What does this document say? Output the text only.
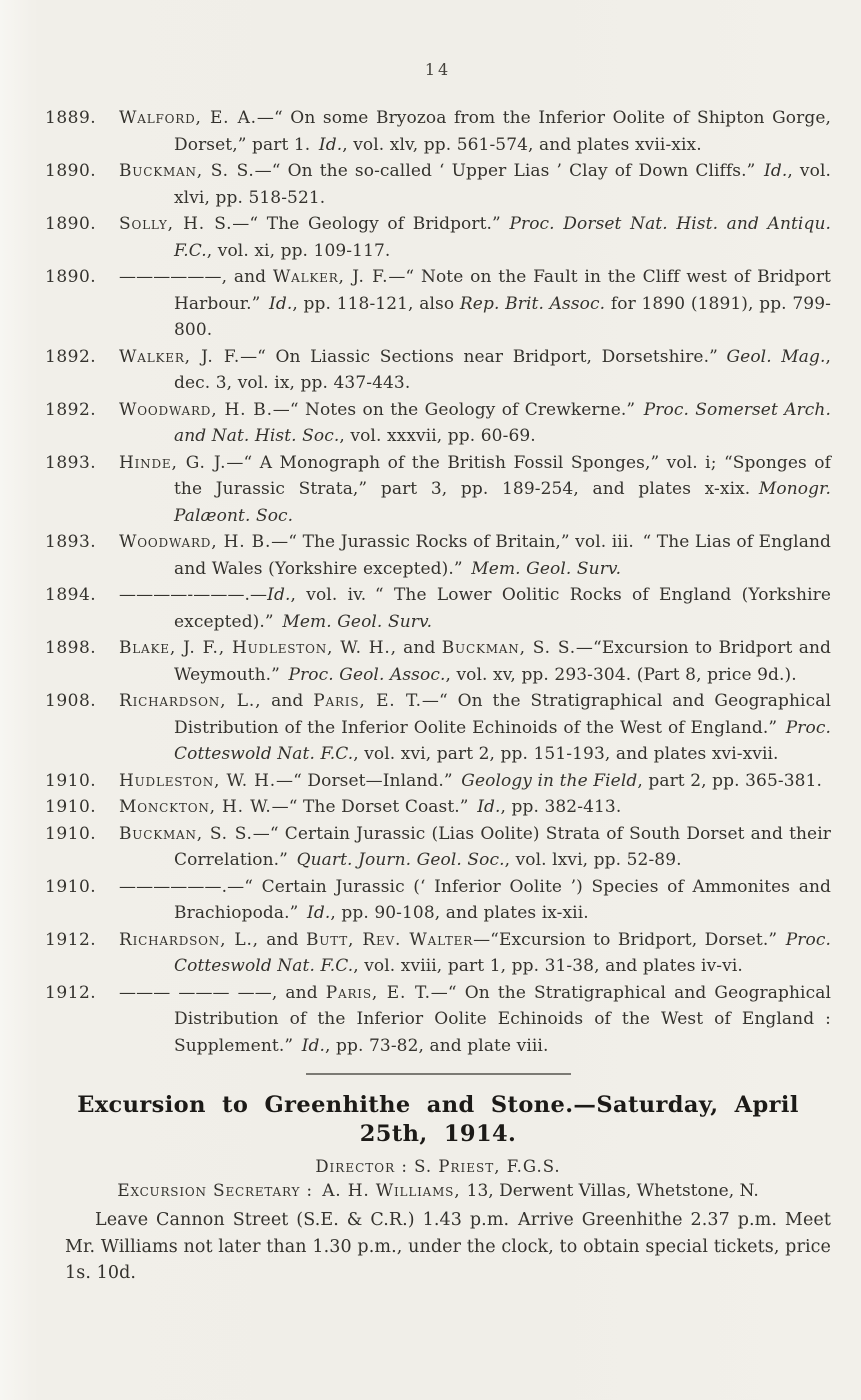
14
1889.	Walford, E. A.—“ On some Bryozoa from the Inferior Oolite of Shipton Gorge, Dorset,” part 1. Id., vol. xlv, pp. 561-574, and plates xvii-xix.
1890.	Buckman, S. S.—“ On the so-called ‘ Upper Lias ’ Clay of Down Cliffs.” Id., vol. xlvi, pp. 518-521.
1890.	Solly, H. S.—“ The Geology of Bridport.” Proc. Dorset Nat. Hist. and Antiqu. F.C., vol. xi, pp. 109-117.
1890.	——————, and Walker, J. F.—“ Note on the Fault in the Cliff west of Bridport Harbour.” Id., pp. 118-121, also Rep. Brit. Assoc. for 1890 (1891), pp. 799-800.
1892.	Walker, J. F.—“ On Liassic Sections near Bridport, Dorsetshire.” Geol. Mag., dec. 3, vol. ix, pp. 437-443.
1892.	Woodward, H. B.—“ Notes on the Geology of Crewkerne.” Proc. Somerset Arch. and Nat. Hist. Soc., vol. xxxvii, pp. 60-69.
1893.	Hinde, G. J.—“ A Monograph of the British Fossil Sponges,” vol. i; “Sponges of the Jurassic Strata,” part 3, pp. 189-254, and plates x-xix. Monogr. Palæont. Soc.
1893.	Woodward, H. B.—“ The Jurassic Rocks of Britain,” vol. iii. “ The Lias of England and Wales (Yorkshire excepted).” Mem. Geol. Surv.
1894.	————-———.—Id., vol. iv. “ The Lower Oolitic Rocks of England (Yorkshire excepted).” Mem. Geol. Surv.
1898.	Blake, J. F., Hudleston, W. H., and Buckman, S. S.—“Excursion to Bridport and Weymouth.” Proc. Geol. Assoc., vol. xv, pp. 293-304. (Part 8, price 9d.).
1908.	Richardson, L., and Paris, E. T.—“ On the Stratigraphical and Geographical Distribution of the Inferior Oolite Echinoids of the West of England.” Proc. Cotteswold Nat. F.C., vol. xvi, part 2, pp. 151-193, and plates xvi-xvii.
1910.	Hudleston, W. H.—“ Dorset—Inland.” Geology in the Field, part 2, pp. 365-381.
1910.	Monckton, H. W.—“ The Dorset Coast.” Id., pp. 382-413.
1910.	Buckman, S. S.—“ Certain Jurassic (Lias Oolite) Strata of South Dorset and their Correlation.” Quart. Journ. Geol. Soc., vol. lxvi, pp. 52-89.
1910.	——————.—“ Certain Jurassic (‘ Inferior Oolite ’) Species of Ammonites and Brachiopoda.” Id., pp. 90-108, and plates ix-xii.
1912.	Richardson, L., and Butt, Rev. Walter—“Excursion to Bridport, Dorset.” Proc. Cotteswold Nat. F.C., vol. xviii, part 1, pp. 31-38, and plates iv-vi.
1912.	——— ——— ——, and Paris, E. T.—“ On the Stratigraphical and Geographical Distribution of the Inferior Oolite Echinoids of the West of England : Supplement.” Id., pp. 73-82, and plate viii.
Excursion to Greenhithe and Stone.—Saturday, April
25th, 1914.

Director : S. Priest, F.G.S.

Excursion Secretary : A. H. Williams, 13, Derwent Villas, Whetstone, N.

Leave Cannon Street (S.E. & C.R.) 1.43 p.m. Arrive Greenhithe 2.37 p.m. Meet Mr. Williams not later than 1.30 p.m., under the clock, to obtain special tickets, price 1s. 10d.
